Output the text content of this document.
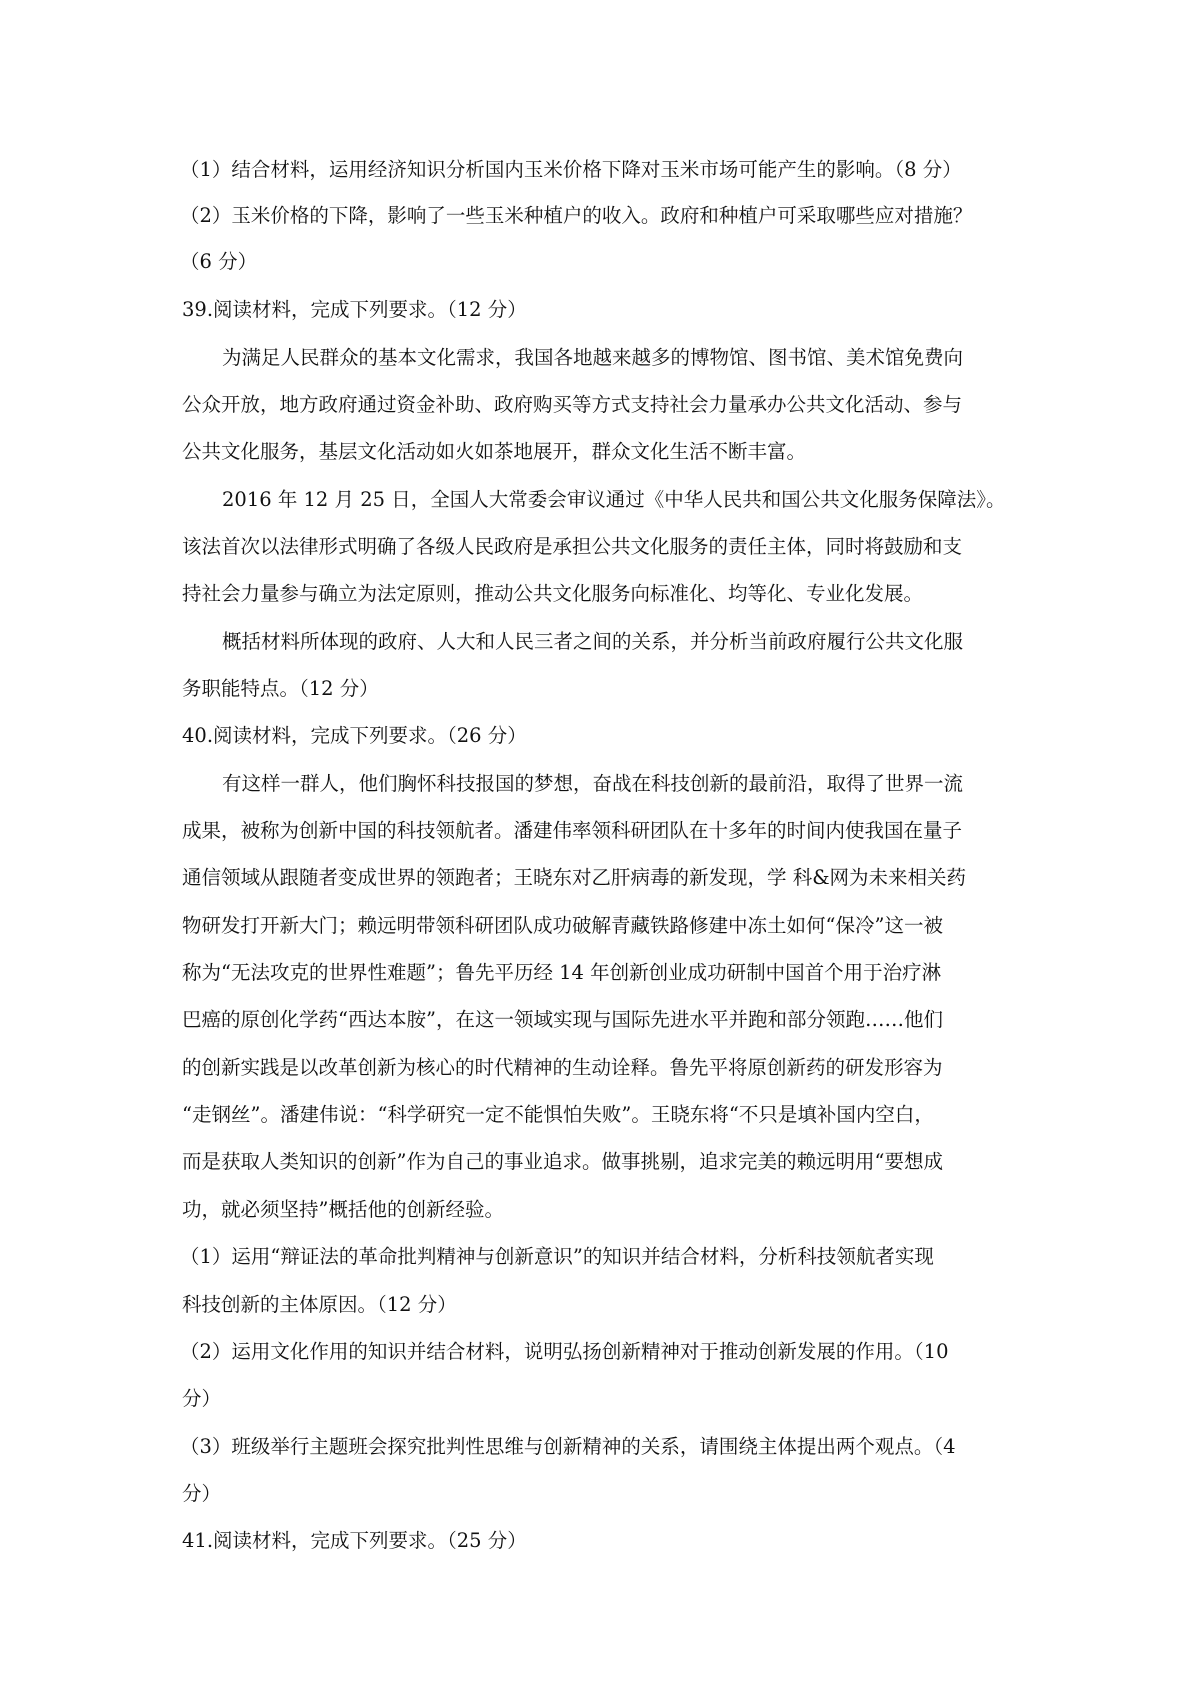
（1）结合材料，运用经济知识分析国内玉米价格下降对玉米市场可能产生的影响。（8 分）
（2）玉米价格的下降，影响了一些玉米种植户的收入。政府和种植户可采取哪些应对措施？
（6 分）
39.阅读材料，完成下列要求。（12 分）
为满足人民群众的基本文化需求，我国各地越来越多的博物馆、图书馆、美术馆免费向
公众开放，地方政府通过资金补助、政府购买等方式支持社会力量承办公共文化活动、参与
公共文化服务，基层文化活动如火如茶地展开，群众文化生活不断丰富。
2016 年 12 月 25 日，全国人大常委会审议通过《中华人民共和国公共文化服务保障法》。
该法首次以法律形式明确了各级人民政府是承担公共文化服务的责任主体，同时将鼓励和支
持社会力量参与确立为法定原则，推动公共文化服务向标准化、均等化、专业化发展。
概括材料所体现的政府、人大和人民三者之间的关系，并分析当前政府履行公共文化服
务职能特点。（12 分）
40.阅读材料，完成下列要求。（26 分）
有这样一群人，他们胸怀科技报国的梦想，奋战在科技创新的最前沿，取得了世界一流
成果，被称为创新中国的科技领航者。潘建伟率领科研团队在十多年的时间内使我国在量子
通信领域从跟随者变成世界的领跑者；王晓东对乙肝病毒的新发现，学 科&网为未来相关药
物研发打开新大门；赖远明带领科研团队成功破解青藏铁路修建中冻土如何“保冷”这一被
称为“无法攻克的世界性难题”；鲁先平历经 14 年创新创业成功研制中国首个用于治疗淋
巴癌的原创化学药“西达本胺”，在这一领域实现与国际先进水平并跑和部分领跑……他们
的创新实践是以改革创新为核心的时代精神的生动诠释。鲁先平将原创新药的研发形容为
“走钢丝”。潘建伟说：“科学研究一定不能惧怕失败”。王晓东将“不只是填补国内空白，
而是获取人类知识的创新”作为自己的事业追求。做事挑剔，追求完美的赖远明用“要想成
功，就必须坚持”概括他的创新经验。
（1）运用“辩证法的革命批判精神与创新意识”的知识并结合材料，分析科技领航者实现
科技创新的主体原因。（12 分）
（2）运用文化作用的知识并结合材料，说明弘扬创新精神对于推动创新发展的作用。（10
分）
（3）班级举行主题班会探究批判性思维与创新精神的关系，请围绕主体提出两个观点。（4
分）
41.阅读材料，完成下列要求。（25 分）
